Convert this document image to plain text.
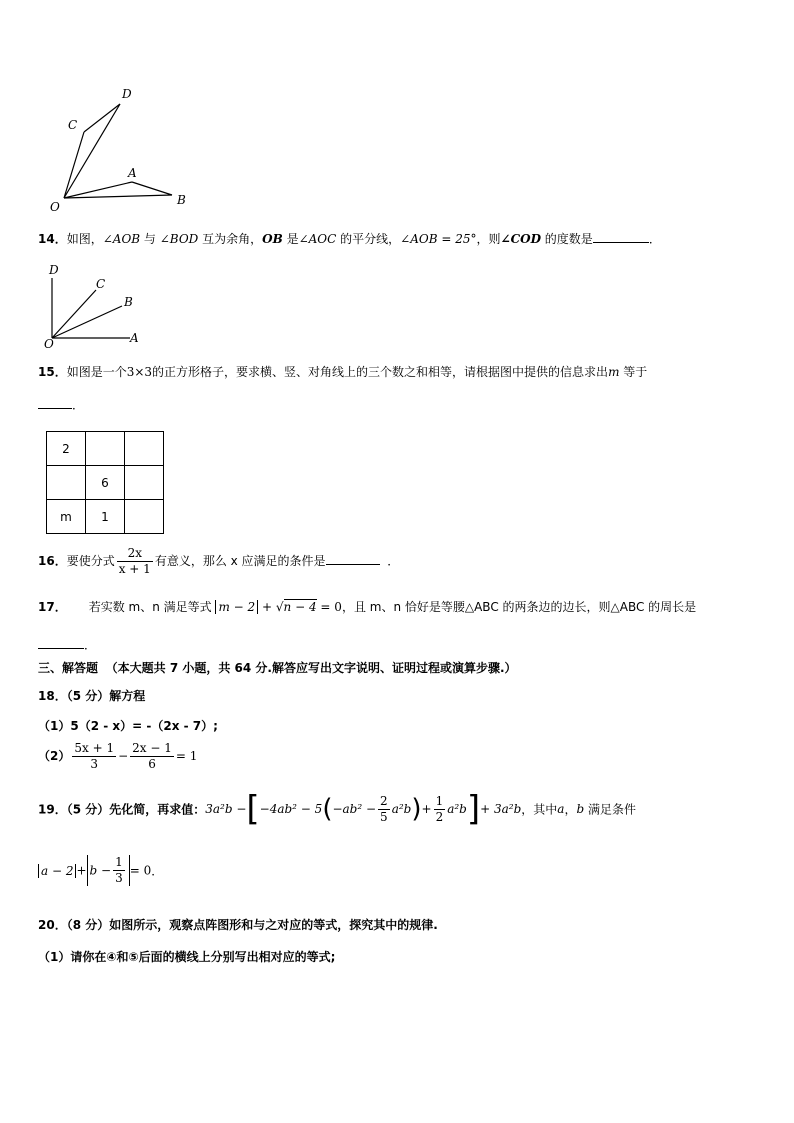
D
C
A
B
O
14．如图，∠AOB 与 ∠BOD 互为余角，OB 是∠AOC 的平分线，∠AOB = 25°，则∠COD 的度数是	．
D
C
B
A
O
15．如图是一个3×3的正方形格子，要求横、竖、对角线上的三个数之和相等，请根据图中提供的信息求出m 等于
．
2		
	6	
m	1	
16．要使分式 $\frac{2x}{x + 1}$ 有意义，那么 x 应满足的条件是	．
17． 若实数 m、n 满足等式 m − 2 + √n − 4 = 0，且 m、n 恰好是等腰△ABC 的两条边的边长，则△ABC 的周长是
．
三、解答题 （本大题共 7 小题，共 64 分.解答应写出文字说明、证明过程或演算步骤.）
18．（5 分）解方程
（1）5（2 - x）= -（2x - 7）;
$(2) \frac{5x + 1}{3} - \frac{2x - 1}{6} = 1$
19．（5 分）先化简，再求值：$3a^2b -[-4ab^2 - 5(-ab^2 - \frac{2}{5} a^2b)+ \frac{1}{2} a^2b]+ 3a^2b$，其中a，b 满足条件
$a - 2 + b - \frac{1}{3} = 0$．
20．（8 分）如图所示，观察点阵图形和与之对应的等式，探究其中的规律.
（1）请你在④和⑤后面的横线上分别写出相对应的等式;
